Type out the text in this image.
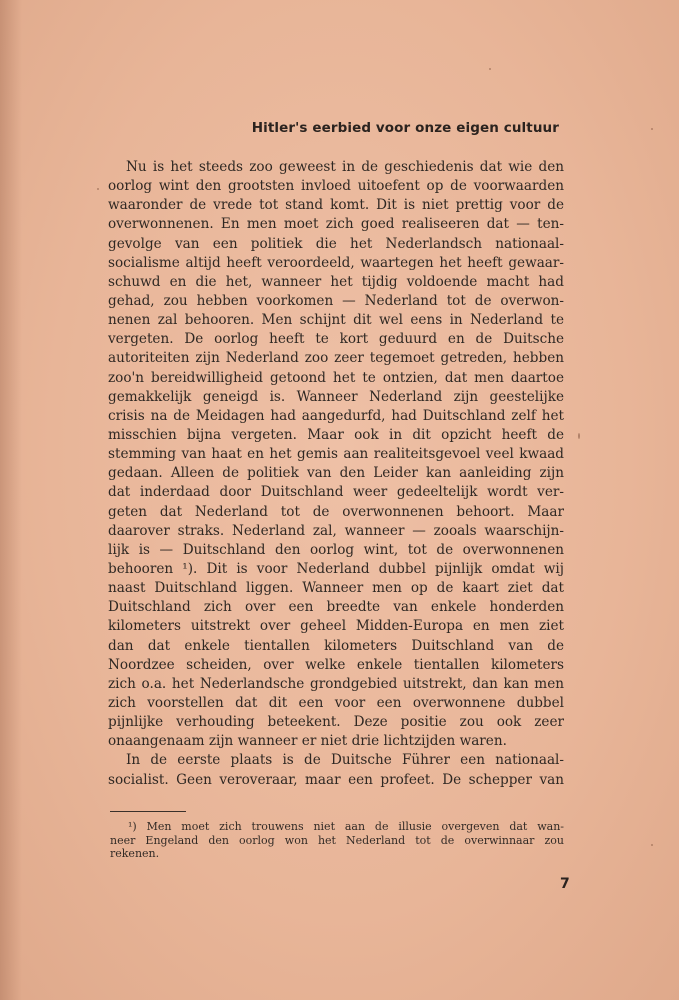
Hitler's eerbied voor onze eigen cultuur
Nu is het steeds zoo geweest in de geschiedenis dat wie den
oorlog wint den grootsten invloed uitoefent op de voorwaarden
waaronder de vrede tot stand komt. Dit is niet prettig voor de
overwonnenen. En men moet zich goed realiseeren dat — ten-
gevolge van een politiek die het Nederlandsch nationaal-
socialisme altijd heeft veroordeeld, waartegen het heeft gewaar-
schuwd en die het, wanneer het tijdig voldoende macht had
gehad, zou hebben voorkomen — Nederland tot de overwon-
nenen zal behooren. Men schijnt dit wel eens in Nederland te
vergeten. De oorlog heeft te kort geduurd en de Duitsche
autoriteiten zijn Nederland zoo zeer tegemoet getreden, hebben
zoo'n bereidwilligheid getoond het te ontzien, dat men daartoe
gemakkelijk geneigd is. Wanneer Nederland zijn geestelijke
crisis na de Meidagen had aangedurfd, had Duitschland zelf het
misschien bijna vergeten. Maar ook in dit opzicht heeft de
stemming van haat en het gemis aan realiteitsgevoel veel kwaad
gedaan. Alleen de politiek van den Leider kan aanleiding zijn
dat inderdaad door Duitschland weer gedeeltelijk wordt ver-
geten dat Nederland tot de overwonnenen behoort. Maar
daarover straks. Nederland zal, wanneer — zooals waarschijn-
lijk is — Duitschland den oorlog wint, tot de overwonnenen
behooren ¹). Dit is voor Nederland dubbel pijnlijk omdat wij
naast Duitschland liggen. Wanneer men op de kaart ziet dat
Duitschland zich over een breedte van enkele honderden
kilometers uitstrekt over geheel Midden-Europa en men ziet
dan dat enkele tientallen kilometers Duitschland van de
Noordzee scheiden, over welke enkele tientallen kilometers
zich o.a. het Nederlandsche grondgebied uitstrekt, dan kan men
zich voorstellen dat dit een voor een overwonnene dubbel
pijnlijke verhouding beteekent. Deze positie zou ook zeer
onaangenaam zijn wanneer er niet drie lichtzijden waren.
In de eerste plaats is de Duitsche Führer een nationaal-
socialist. Geen veroveraar, maar een profeet. De schepper van
¹) Men moet zich trouwens niet aan de illusie overgeven dat wan-
neer Engeland den oorlog won het Nederland tot de overwinnaar zou
rekenen.
7
